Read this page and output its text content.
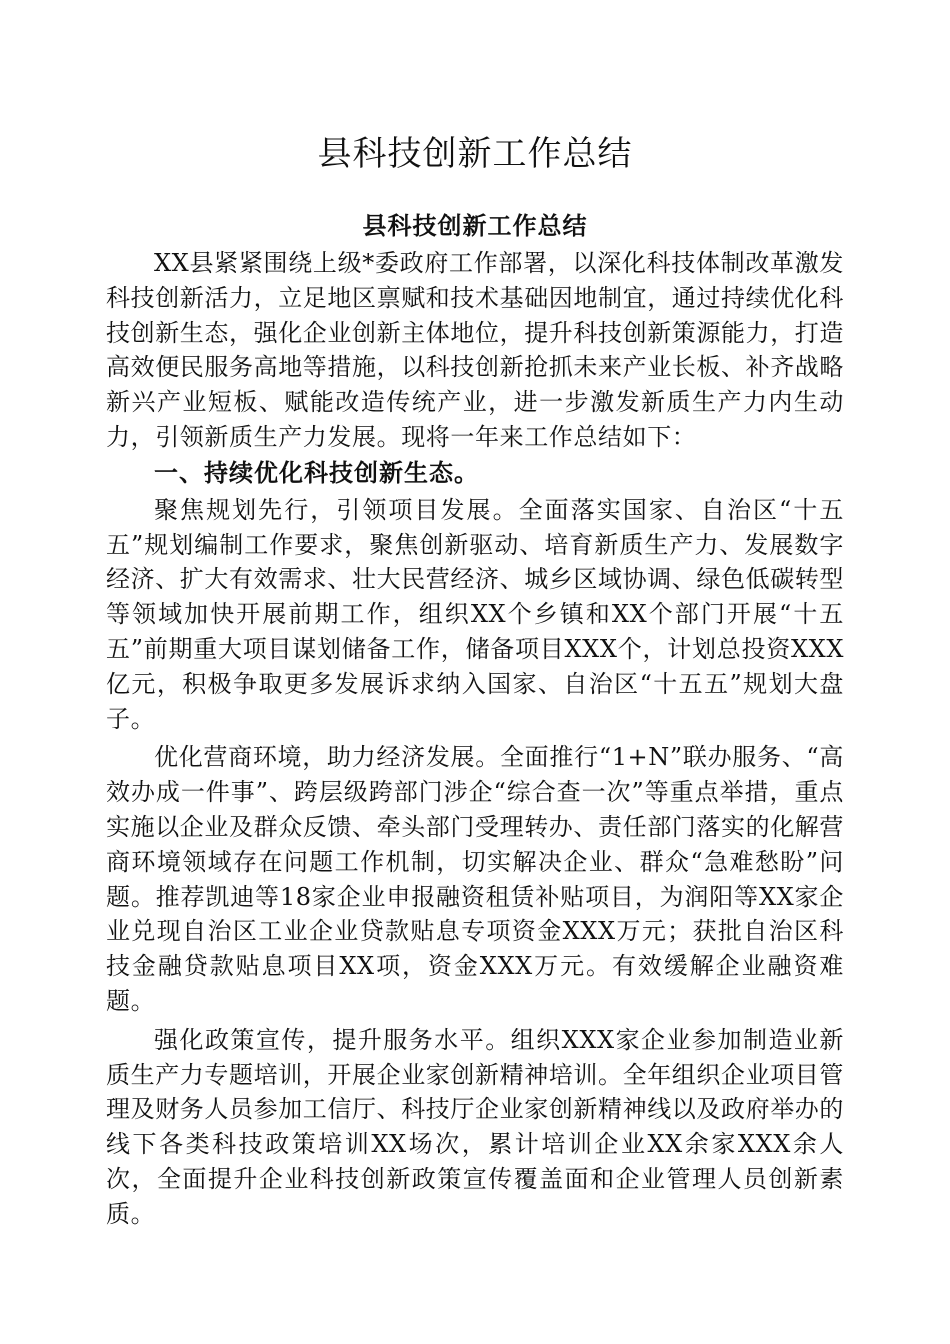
县科技创新工作总结
县科技创新工作总结

XX县紧紧围绕上级*委政府工作部署，以深化科技体制改革激发科技创新活力，立足地区禀赋和技术基础因地制宜，通过持续优化科技创新生态，强化企业创新主体地位，提升科技创新策源能力，打造高效便民服务高地等措施，以科技创新抢抓未来产业长板、补齐战略新兴产业短板、赋能改造传统产业，进一步激发新质生产力内生动力，引领新质生产力发展。现将一年来工作总结如下：

一、持续优化科技创新生态。

聚焦规划先行，引领项目发展。全面落实国家、自治区“十五五”规划编制工作要求，聚焦创新驱动、培育新质生产力、发展数字经济、扩大有效需求、壮大民营经济、城乡区域协调、绿色低碳转型等领域加快开展前期工作，组织XX个乡镇和XX个部门开展“十五五”前期重大项目谋划储备工作，储备项目XXX个，计划总投资XXX亿元，积极争取更多发展诉求纳入国家、自治区“十五五”规划大盘子。

优化营商环境，助力经济发展。全面推行“1+N”联办服务、“高效办成一件事”、跨层级跨部门涉企“综合查一次”等重点举措，重点实施以企业及群众反馈、牵头部门受理转办、责任部门落实的化解营商环境领域存在问题工作机制，切实解决企业、群众“急难愁盼”问题。推荐凯迪等18家企业申报融资租赁补贴项目，为润阳等XX家企业兑现自治区工业企业贷款贴息专项资金XXX万元；获批自治区科技金融贷款贴息项目XX项，资金XXX万元。有效缓解企业融资难题。

强化政策宣传，提升服务水平。组织XXX家企业参加制造业新质生产力专题培训，开展企业家创新精神培训。全年组织企业项目管理及财务人员参加工信厅、科技厅企业家创新精神线以及政府举办的线下各类科技政策培训XX场次，累计培训企业XX余家XXX余人次，全面提升企业科技创新政策宣传覆盖面和企业管理人员创新素质。
